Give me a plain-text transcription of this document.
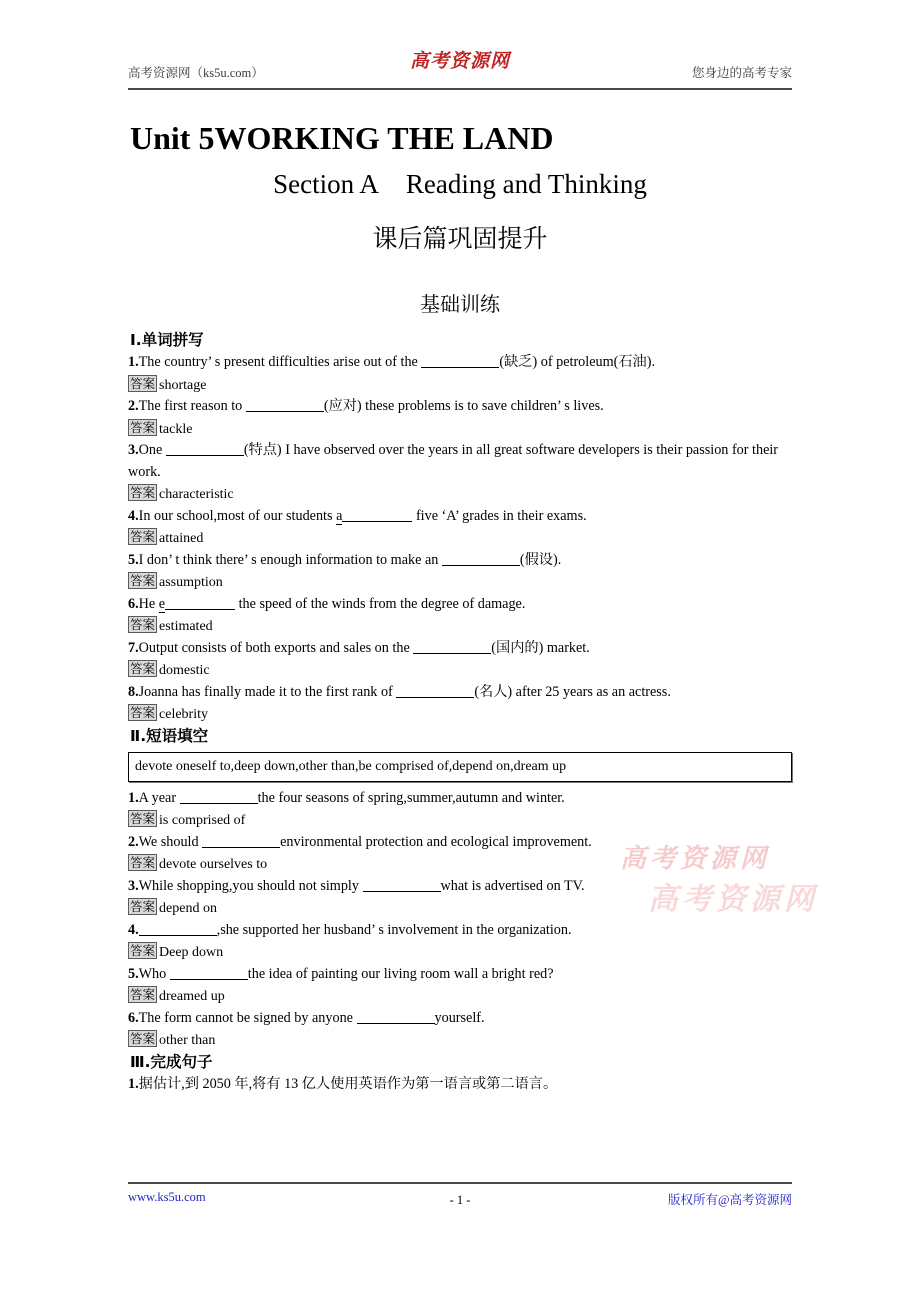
高考资源网
高考资源网（ks5u.com）	您身边的高考专家
Unit 5WORKING THE LAND
Section A Reading and Thinking
课后篇巩固提升
基础训练
Ⅰ.单词拼写
1.The country’ s present difficulties arise out of the	(缺乏) of petroleum(石油).
答案 shortage
2.The first reason to	(应对) these problems is to save children’ s lives.
答案 tackle
3.One	(特点) I have observed over the years in all great software developers is their passion for their work.
答案 characteristic
4.In our school,most of our students a	five ‘A’ grades in their exams.
答案 attained
5.I don’ t think there’ s enough information to make an	(假设).
答案 assumption
6.He e	the speed of the winds from the degree of damage.
答案 estimated
7.Output consists of both exports and sales on the	(国内的) market.
答案 domestic
8.Joanna has finally made it to the first rank of	(名人) after 25 years as an actress.
答案 celebrity
Ⅱ.短语填空
devote oneself to,deep down,other than,be comprised of,depend on,dream up
1.A year	the four seasons of spring,summer,autumn and winter.
答案 is comprised of
2.We should	environmental protection and ecological improvement.
答案 devote ourselves to
3.While shopping,you should not simply	what is advertised on TV.
答案 depend on
4.	,she supported her husband’ s involvement in the organization.
答案 Deep down
5.Who	the idea of painting our living room wall a bright red?
答案 dreamed up
6.The form cannot be signed by anyone	yourself.
答案 other than
Ⅲ.完成句子
1.据估计,到 2050 年,将有 13 亿人使用英语作为第一语言或第二语言。
高考资源网
高考资源网
www.ks5u.com	- 1 -	版权所有@高考资源网
